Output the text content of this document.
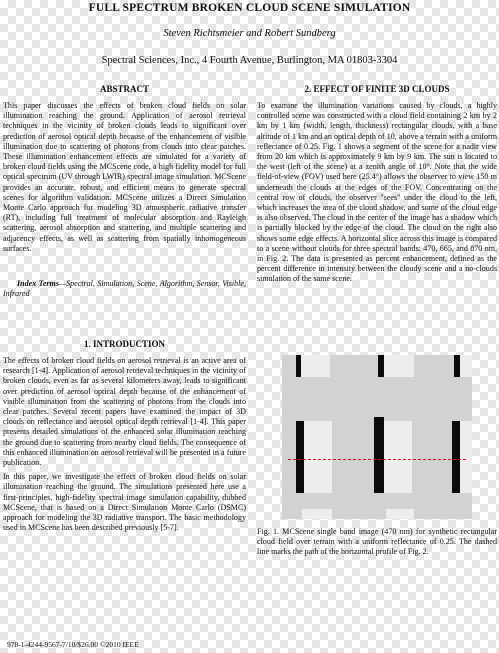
FULL SPECTRUM BROKEN CLOUD SCENE SIMULATION
Steven Richtsmeier and Robert Sundberg
Spectral Sciences, Inc., 4 Fourth Avenue, Burlington, MA 01803-3304
ABSTRACT

This paper discusses the effects of broken cloud fields on solar illumination reaching the ground. Application of aerosol retrieval techniques in the vicinity of broken clouds leads to significant over prediction of aerosol optical depth because of the enhancement of visible illumination due to scattering of photons from clouds into clear patches. These illumination enhancement effects are simulated for a variety of broken cloud fields using the MCScene code, a high fidelity model for full optical spectrum (UV through LWIR) spectral image simulation. MCScene provides an accurate, robust, and efficient means to generate spectral scenes for algorithm validation. MCScene utilizes a Direct Simulation Monte Carlo approach for modeling 3D atmospheric radiative transfer (RT), including full treatment of molecular absorption and Rayleigh scattering, aerosol absorption and scattering, and multiple scattering and adjacency effects, as well as scattering from spatially inhomogeneous surfaces.

Index Terms—Spectral, Simulation, Scene, Algorithm, Sensor, Visible, Infrared

1. INTRODUCTION

The effects of broken cloud fields on aerosol retrieval is an active area of research [1-4]. Application of aerosol retrieval techniques in the vicinity of broken clouds, even as far as several kilometers away, leads to significant over prediction of aerosol optical depth because of the enhancement of visible illumination from the scattering of photons from the clouds into clear patches. Several recent papers have examined the impact of 3D clouds on reflectance and aerosol optical depth retrieval [1-4]. This paper presents detailed simulations of the enhanced solar illumination reaching the ground due to scattering from nearby cloud fields. The consequence of this enhanced illumination on aerosol retrieval will be presented in a future publication.

In this paper, we investigate the effect of broken cloud fields on solar illumination reaching the ground. The simulations presented here use a first-principles, high-fidelity spectral image simulation capability, dubbed MCScene, that is based on a Direct Simulation Monte Carlo (DSMC) approach for modeling the 3D radiative transport. The basic methodology used in MCScene has been described previously [5-7].

2. EFFECT OF FINITE 3D CLOUDS

To examine the illumination variations caused by clouds, a highly controlled scene was constructed with a cloud field containing 2 km by 2 km by 1 km (width, length, thickness) rectangular clouds, with a base altitude of 1 km and an optical depth of 10, above a terrain with a uniform reflectance of 0.25. Fig. 1 shows a segment of the scene for a nadir view from 20 km which is approximately 9 km by 9 km. The sun is located to the west (left of the scene) at a zenith angle of 10°. Note that the wide field-of-view (FOV) used here (25.4°) allows the observer to view 150 m underneath the clouds at the edges of the FOV. Concentrating on the central row of clouds, the observer "sees" under the cloud to the left, which increases the area of the cloud shadow, and some of the cloud edge is also observed. The cloud in the center of the image has a shadow which is partially blocked by the edge of the cloud. The cloud on the right also shows some edge effects. A horizontal slice across this image is compared to a scene without clouds for three spectral bands: 470, 665, and 870 nm, in Fig. 2. The data is presented as percent enhancement, defined as the percent difference in intensity between the cloudy scene and a no-clouds simulation of the same scene.

Fig. 1. MCScene single band image (470 nm) for synthetic rectangular cloud field over terrain with a uniform reflectance of 0.25. The dashed line marks the path of the horizontal profile of Fig. 2.
978-1-4244-9567-7/10/$26.00 ©2010 IEEE
